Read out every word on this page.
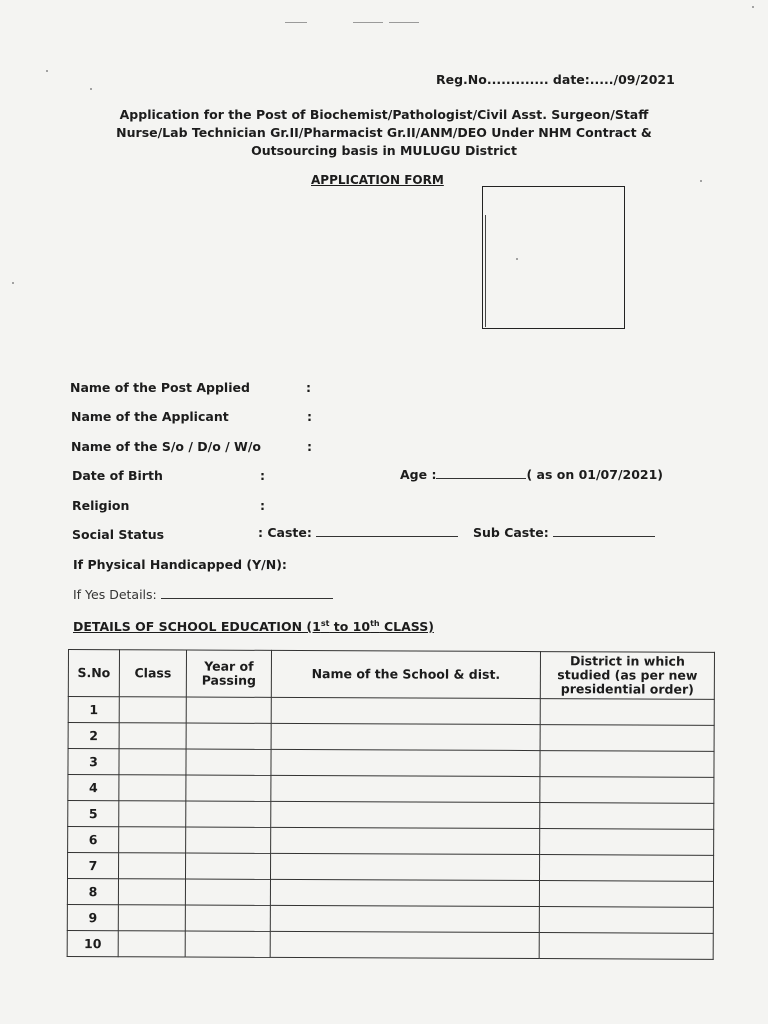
Reg.No............. date:...../09/2021
Application for the Post of Biochemist/Pathologist/Civil Asst. Surgeon/Staff Nurse/Lab Technician Gr.II/Pharmacist Gr.II/ANM/DEO Under NHM Contract & Outsourcing basis in MULUGU District
APPLICATION FORM
Name of the Post Applied	:
Name of the Applicant	:
Name of the S/o / D/o / W/o	:
Date of Birth	:	Age :	( as on 01/07/2021)
Religion	:
Social Status	: Caste:	Sub Caste:
If Physical Handicapped (Y/N):
If Yes Details:
DETAILS OF SCHOOL EDUCATION (1st to 10th CLASS)
S.No	Class	Year of Passing	Name of the School & dist.	District in which studied (as per new presidential order)

1				
2				
3				
4				
5				
6				
7				
8				
9				
10				
